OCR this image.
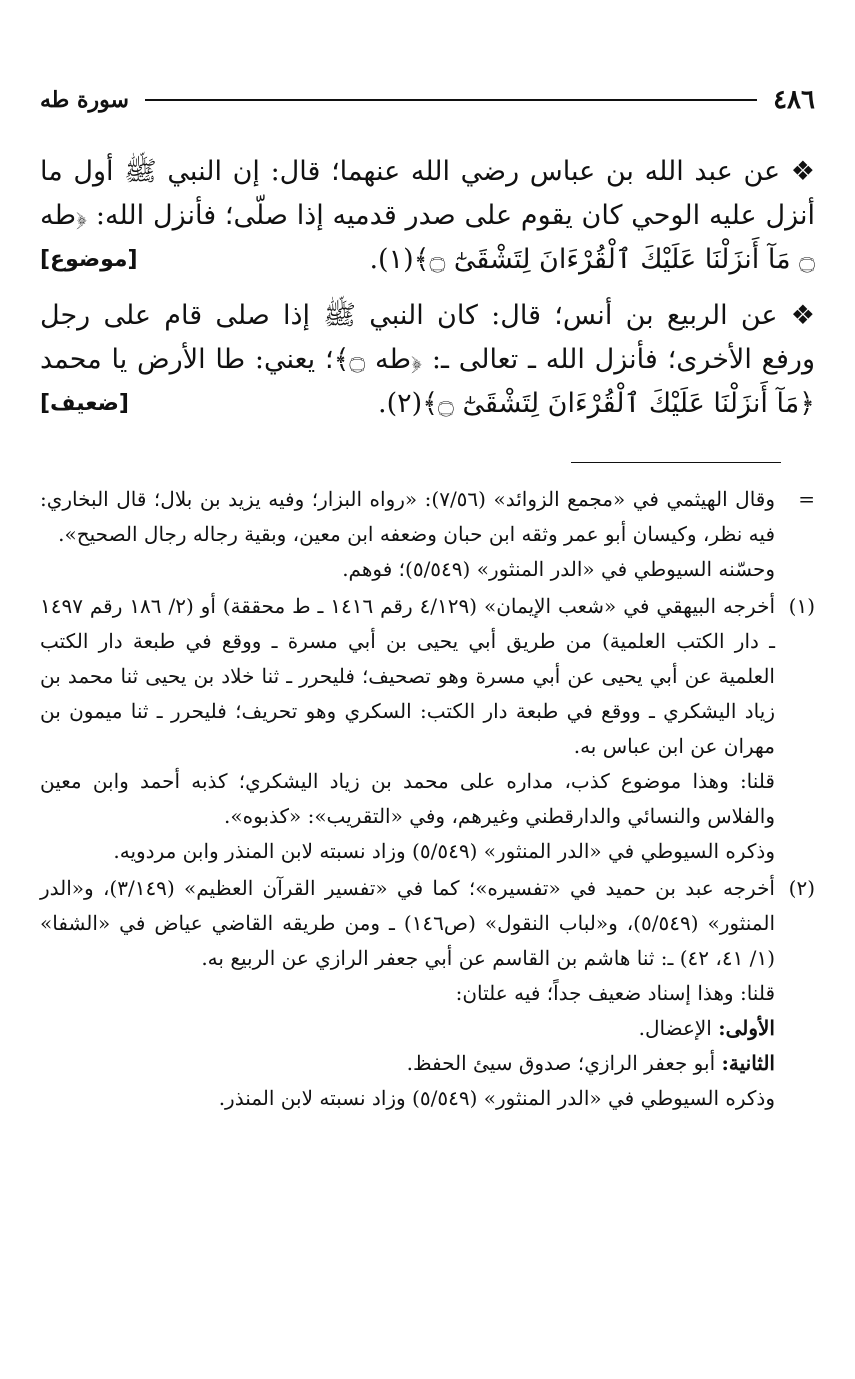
٤٨٦
سورة طه

❖ عن عبد الله بن عباس رضي الله عنهما؛ قال: إن النبي ﷺ أول ما أنزل عليه الوحي كان يقوم على صدر قدميه إذا صلّى؛ فأنزل الله: ﴿طه ۝ مَآ أَنزَلْنَا عَلَيْكَ ٱلْقُرْءَانَ لِتَشْقَىٰٓ ۝﴾(١).
[موضوع]

❖ عن الربيع بن أنس؛ قال: كان النبي ﷺ إذا صلى قام على رجل ورفع الأخرى؛ فأنزل الله ـ تعالى ـ: ﴿طه ۝﴾؛ يعني: طا الأرض يا محمد ﴿مَآ أَنزَلْنَا عَلَيْكَ ٱلْقُرْءَانَ لِتَشْقَىٰٓ ۝﴾(٢).
[ضعيف]

=

وقال الهيثمي في «مجمع الزوائد» (٧/٥٦): «رواه البزار؛ وفيه يزيد بن بلال؛ قال البخاري: فيه نظر، وكيسان أبو عمر وثقه ابن حبان وضعفه ابن معين، وبقية رجاله رجال الصحيح».

وحسّنه السيوطي في «الدر المنثور» (٥/٥٤٩)؛ فوهم.

(١)

أخرجه البيهقي في «شعب الإيمان» (٤/١٢٩ رقم ١٤١٦ ـ ط محققة) أو (٢/ ١٨٦ رقم ١٤٩٧ ـ دار الكتب العلمية) من طريق أبي يحيى بن أبي مسرة ـ ووقع في طبعة دار الكتب العلمية عن أبي يحيى عن أبي مسرة وهو تصحيف؛ فليحرر ـ ثنا خلاد بن يحيى ثنا محمد بن زياد اليشكري ـ ووقع في طبعة دار الكتب: السكري وهو تحريف؛ فليحرر ـ ثنا ميمون بن مهران عن ابن عباس به.

قلنا: وهذا موضوع كذب، مداره على محمد بن زياد اليشكري؛ كذبه أحمد وابن معين والفلاس والنسائي والدارقطني وغيرهم، وفي «التقريب»: «كذبوه».

وذكره السيوطي في «الدر المنثور» (٥/٥٤٩) وزاد نسبته لابن المنذر وابن مردويه.

(٢)

أخرجه عبد بن حميد في «تفسيره»؛ كما في «تفسير القرآن العظيم» (٣/١٤٩)، و«الدر المنثور» (٥/٥٤٩)، و«لباب النقول» (ص١٤٦) ـ ومن طريقه القاضي عياض في «الشفا» (١/ ٤١، ٤٢) ـ: ثنا هاشم بن القاسم عن أبي جعفر الرازي عن الربيع به.

قلنا: وهذا إسناد ضعيف جداً؛ فيه علتان:

الأولى: الإعضال.

الثانية: أبو جعفر الرازي؛ صدوق سيئ الحفظ.

وذكره السيوطي في «الدر المنثور» (٥/٥٤٩) وزاد نسبته لابن المنذر.
